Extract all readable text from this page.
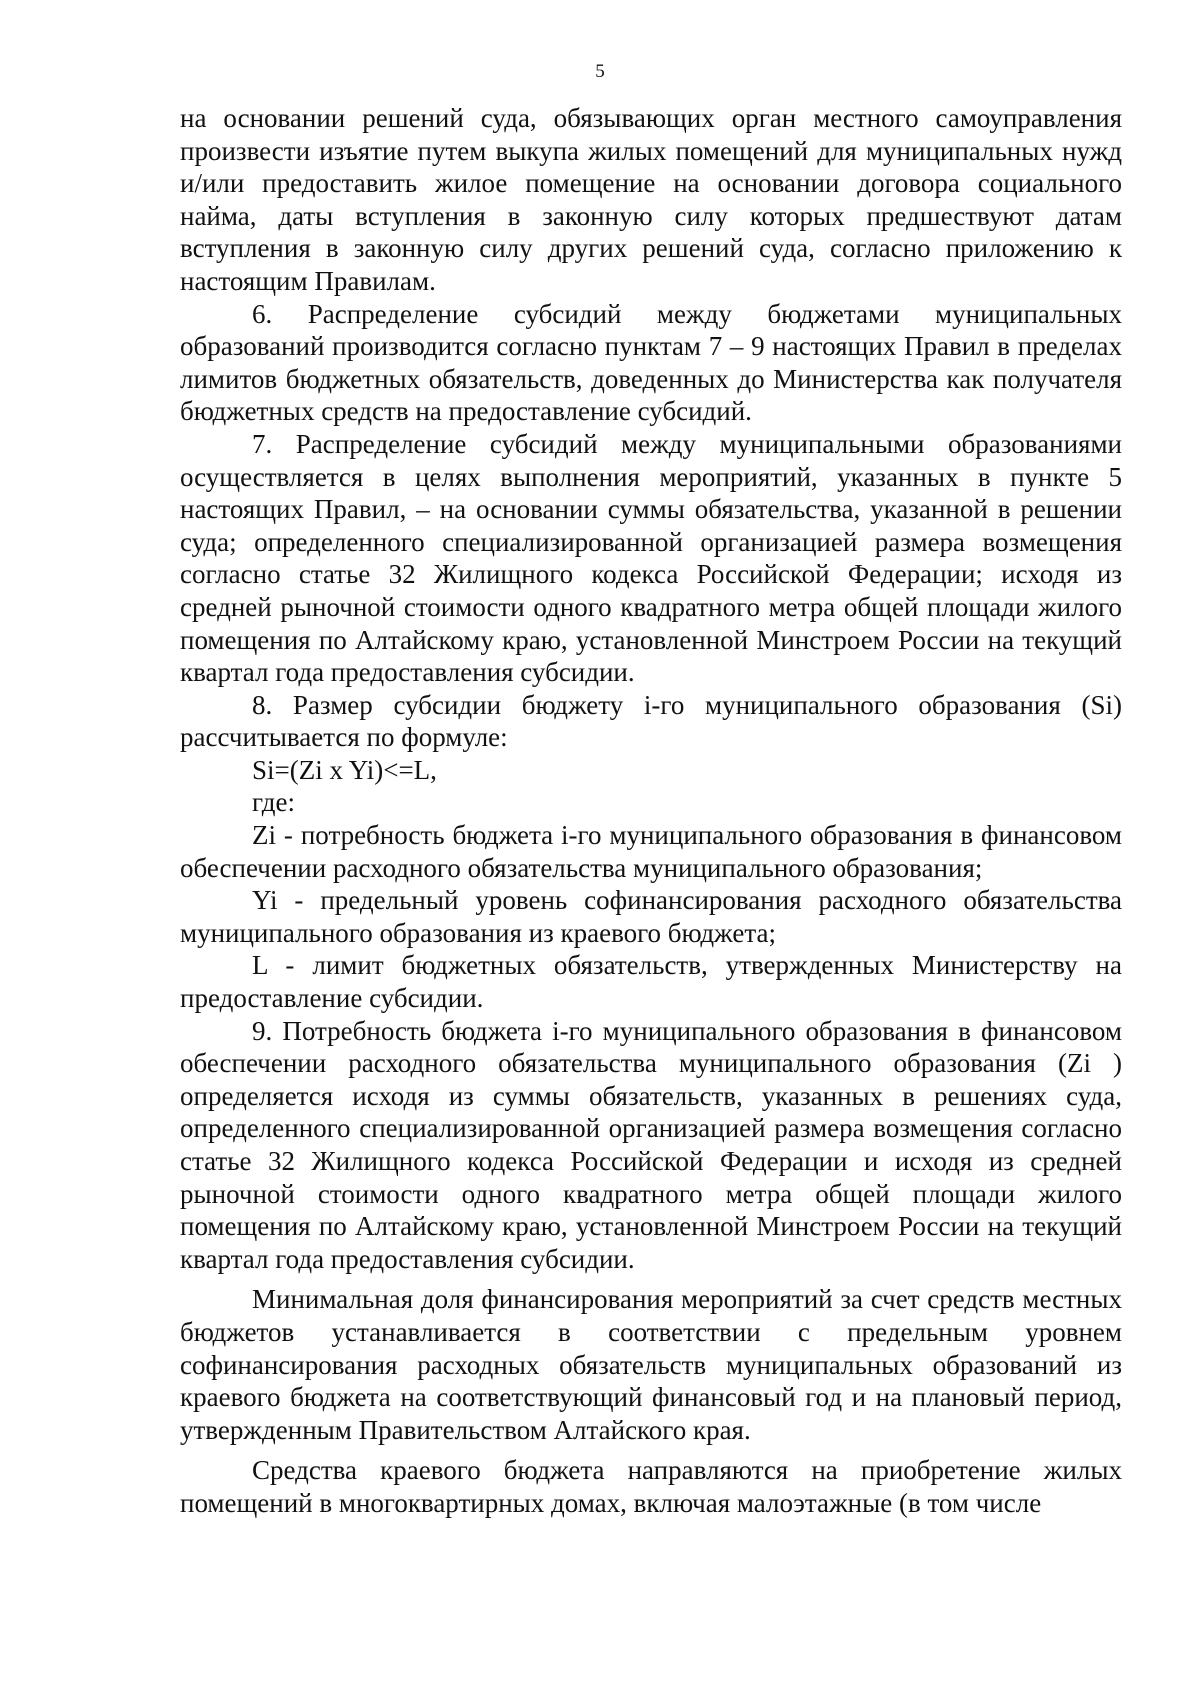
5

на основании решений суда, обязывающих орган местного самоуправления произвести изъятие путем выкупа жилых помещений для муниципальных нужд и/или предоставить жилое помещение на основании договора социального найма, даты вступления в законную силу которых предшествуют датам вступления в законную силу других решений суда, согласно приложению к настоящим Правилам.

6. Распределение субсидий между бюджетами муниципальных образований производится согласно пунктам 7 – 9 настоящих Правил в пределах лимитов бюджетных обязательств, доведенных до Министерства как получателя бюджетных средств на предоставление субсидий.

7. Распределение субсидий между муниципальными образованиями осуществляется в целях выполнения мероприятий, указанных в пункте 5 настоящих Правил, – на основании суммы обязательства, указанной в решении суда; определенного специализированной организацией размера возмещения согласно статье 32 Жилищного кодекса Российской Федерации; исходя из средней рыночной стоимости одного квадратного метра общей площади жилого помещения по Алтайскому краю, установленной Минстроем России на текущий квартал года предоставления субсидии.

8. Размер субсидии бюджету i-го муниципального образования (Si) рассчитывается по формуле:

Si=(Zi x Yi)<=L,

где:

Zi - потребность бюджета i-го муниципального образования в финансовом обеспечении расходного обязательства муниципального образования;

Yi - предельный уровень софинансирования расходного обязательства муниципального образования из краевого бюджета;

L - лимит бюджетных обязательств, утвержденных Министерству на предоставление субсидии.

9. Потребность бюджета i-го муниципального образования в финансовом обеспечении расходного обязательства муниципального образования (Zi ) определяется исходя из суммы обязательств, указанных в решениях суда, определенного специализированной организацией размера возмещения согласно статье 32 Жилищного кодекса Российской Федерации и исходя из средней рыночной стоимости одного квадратного метра общей площади жилого помещения по Алтайскому краю, установленной Минстроем России на текущий квартал года предоставления субсидии.

Минимальная доля финансирования мероприятий за счет средств местных бюджетов устанавливается в соответствии с предельным уровнем софинансирования расходных обязательств муниципальных образований из краевого бюджета на соответствующий финансовый год и на плановый период, утвержденным Правительством Алтайского края.

Средства краевого бюджета направляются на приобретение жилых помещений в многоквартирных домах, включая малоэтажные (в том числе
